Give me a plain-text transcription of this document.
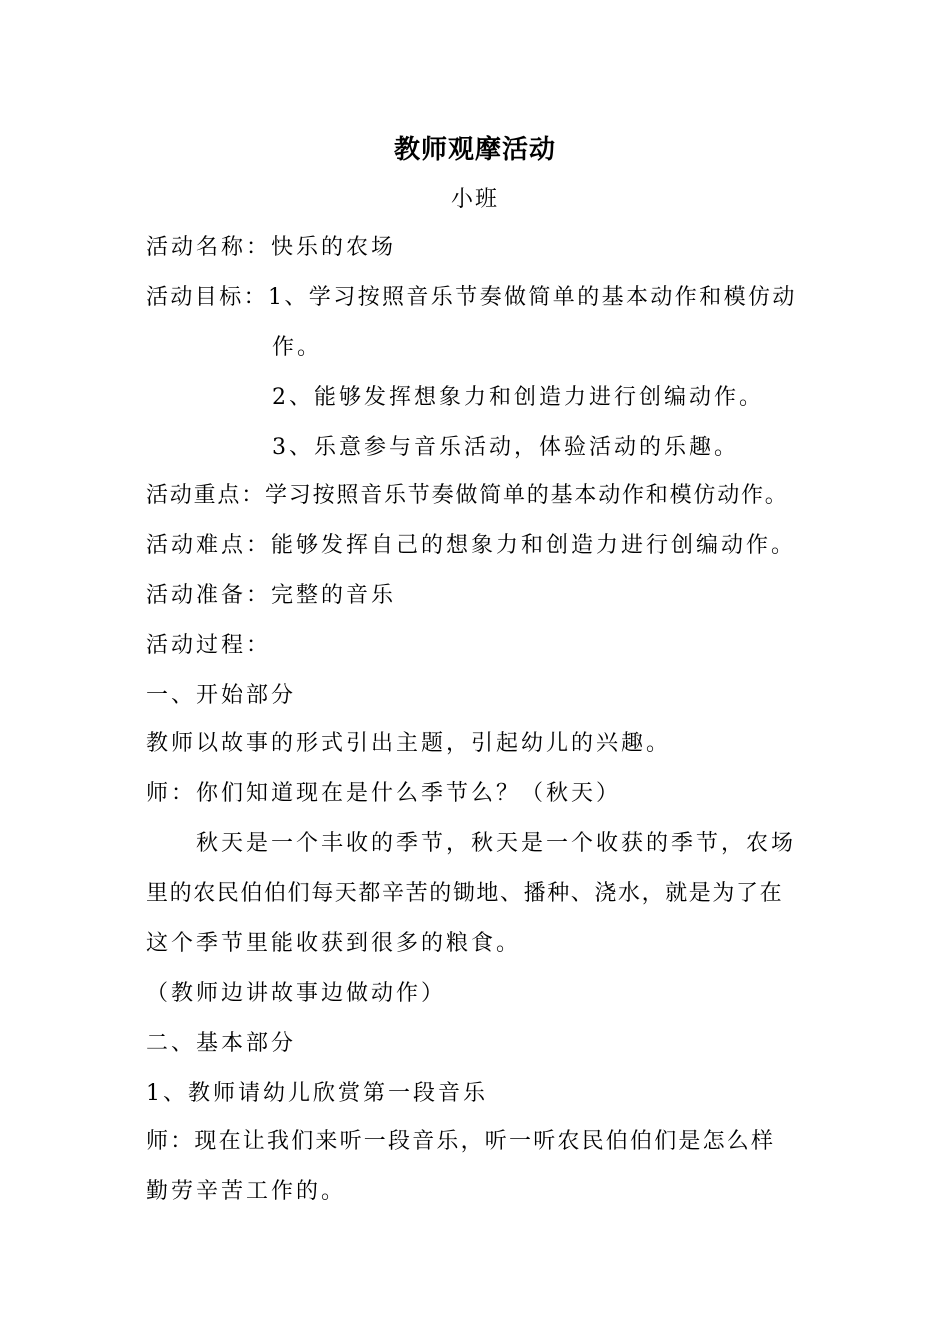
教师观摩活动
小班
活动名称：快乐的农场
活动目标：1、学习按照音乐节奏做简单的基本动作和模仿动
作。
2、能够发挥想象力和创造力进行创编动作。
3、乐意参与音乐活动，体验活动的乐趣。
活动重点：学习按照音乐节奏做简单的基本动作和模仿动作。
活动难点：能够发挥自己的想象力和创造力进行创编动作。
活动准备：完整的音乐
活动过程：
一、开始部分
教师以故事的形式引出主题，引起幼儿的兴趣。
师：你们知道现在是什么季节么？（秋天）
秋天是一个丰收的季节，秋天是一个收获的季节，农场
里的农民伯伯们每天都辛苦的锄地、播种、浇水，就是为了在
这个季节里能收获到很多的粮食。
（教师边讲故事边做动作）
二、基本部分
1、教师请幼儿欣赏第一段音乐
师：现在让我们来听一段音乐，听一听农民伯伯们是怎么样
勤劳辛苦工作的。
